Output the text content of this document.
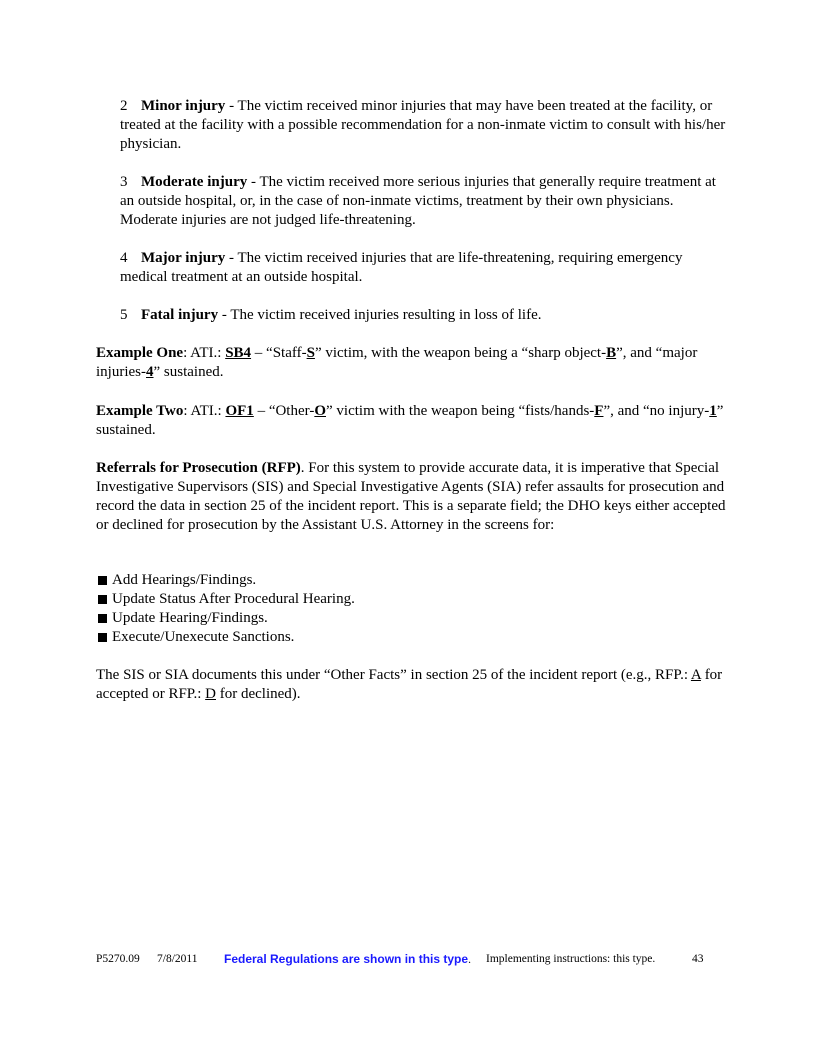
2 Minor injury - The victim received minor injuries that may have been treated at the facility, or treated at the facility with a possible recommendation for a non-inmate victim to consult with his/her physician.

3 Moderate injury - The victim received more serious injuries that generally require treatment at an outside hospital, or, in the case of non-inmate victims, treatment by their own physicians. Moderate injuries are not judged life-threatening.

4 Major injury - The victim received injuries that are life-threatening, requiring emergency medical treatment at an outside hospital.

5 Fatal injury - The victim received injuries resulting in loss of life.

Example One: ATI.: SB4 – “Staff-S” victim, with the weapon being a “sharp object-B”, and “major injuries-4” sustained.

Example Two: ATI.: OF1 – “Other-O” victim with the weapon being “fists/hands-F”, and “no injury-1” sustained.

Referrals for Prosecution (RFP). For this system to provide accurate data, it is imperative that Special Investigative Supervisors (SIS) and Special Investigative Agents (SIA) refer assaults for prosecution and record the data in section 25 of the incident report. This is a separate field; the DHO keys either accepted or declined for prosecution by the Assistant U.S. Attorney in the screens for:

Add Hearings/Findings.
Update Status After Procedural Hearing.
Update Hearing/Findings.
Execute/Unexecute Sanctions.

The SIS or SIA documents this under “Other Facts” in section 25 of the incident report (e.g., RFP.: A for accepted or RFP.: D for declined).

P5270.09 7/8/2011 Federal Regulations are shown in this type. Implementing instructions: this type.	43
